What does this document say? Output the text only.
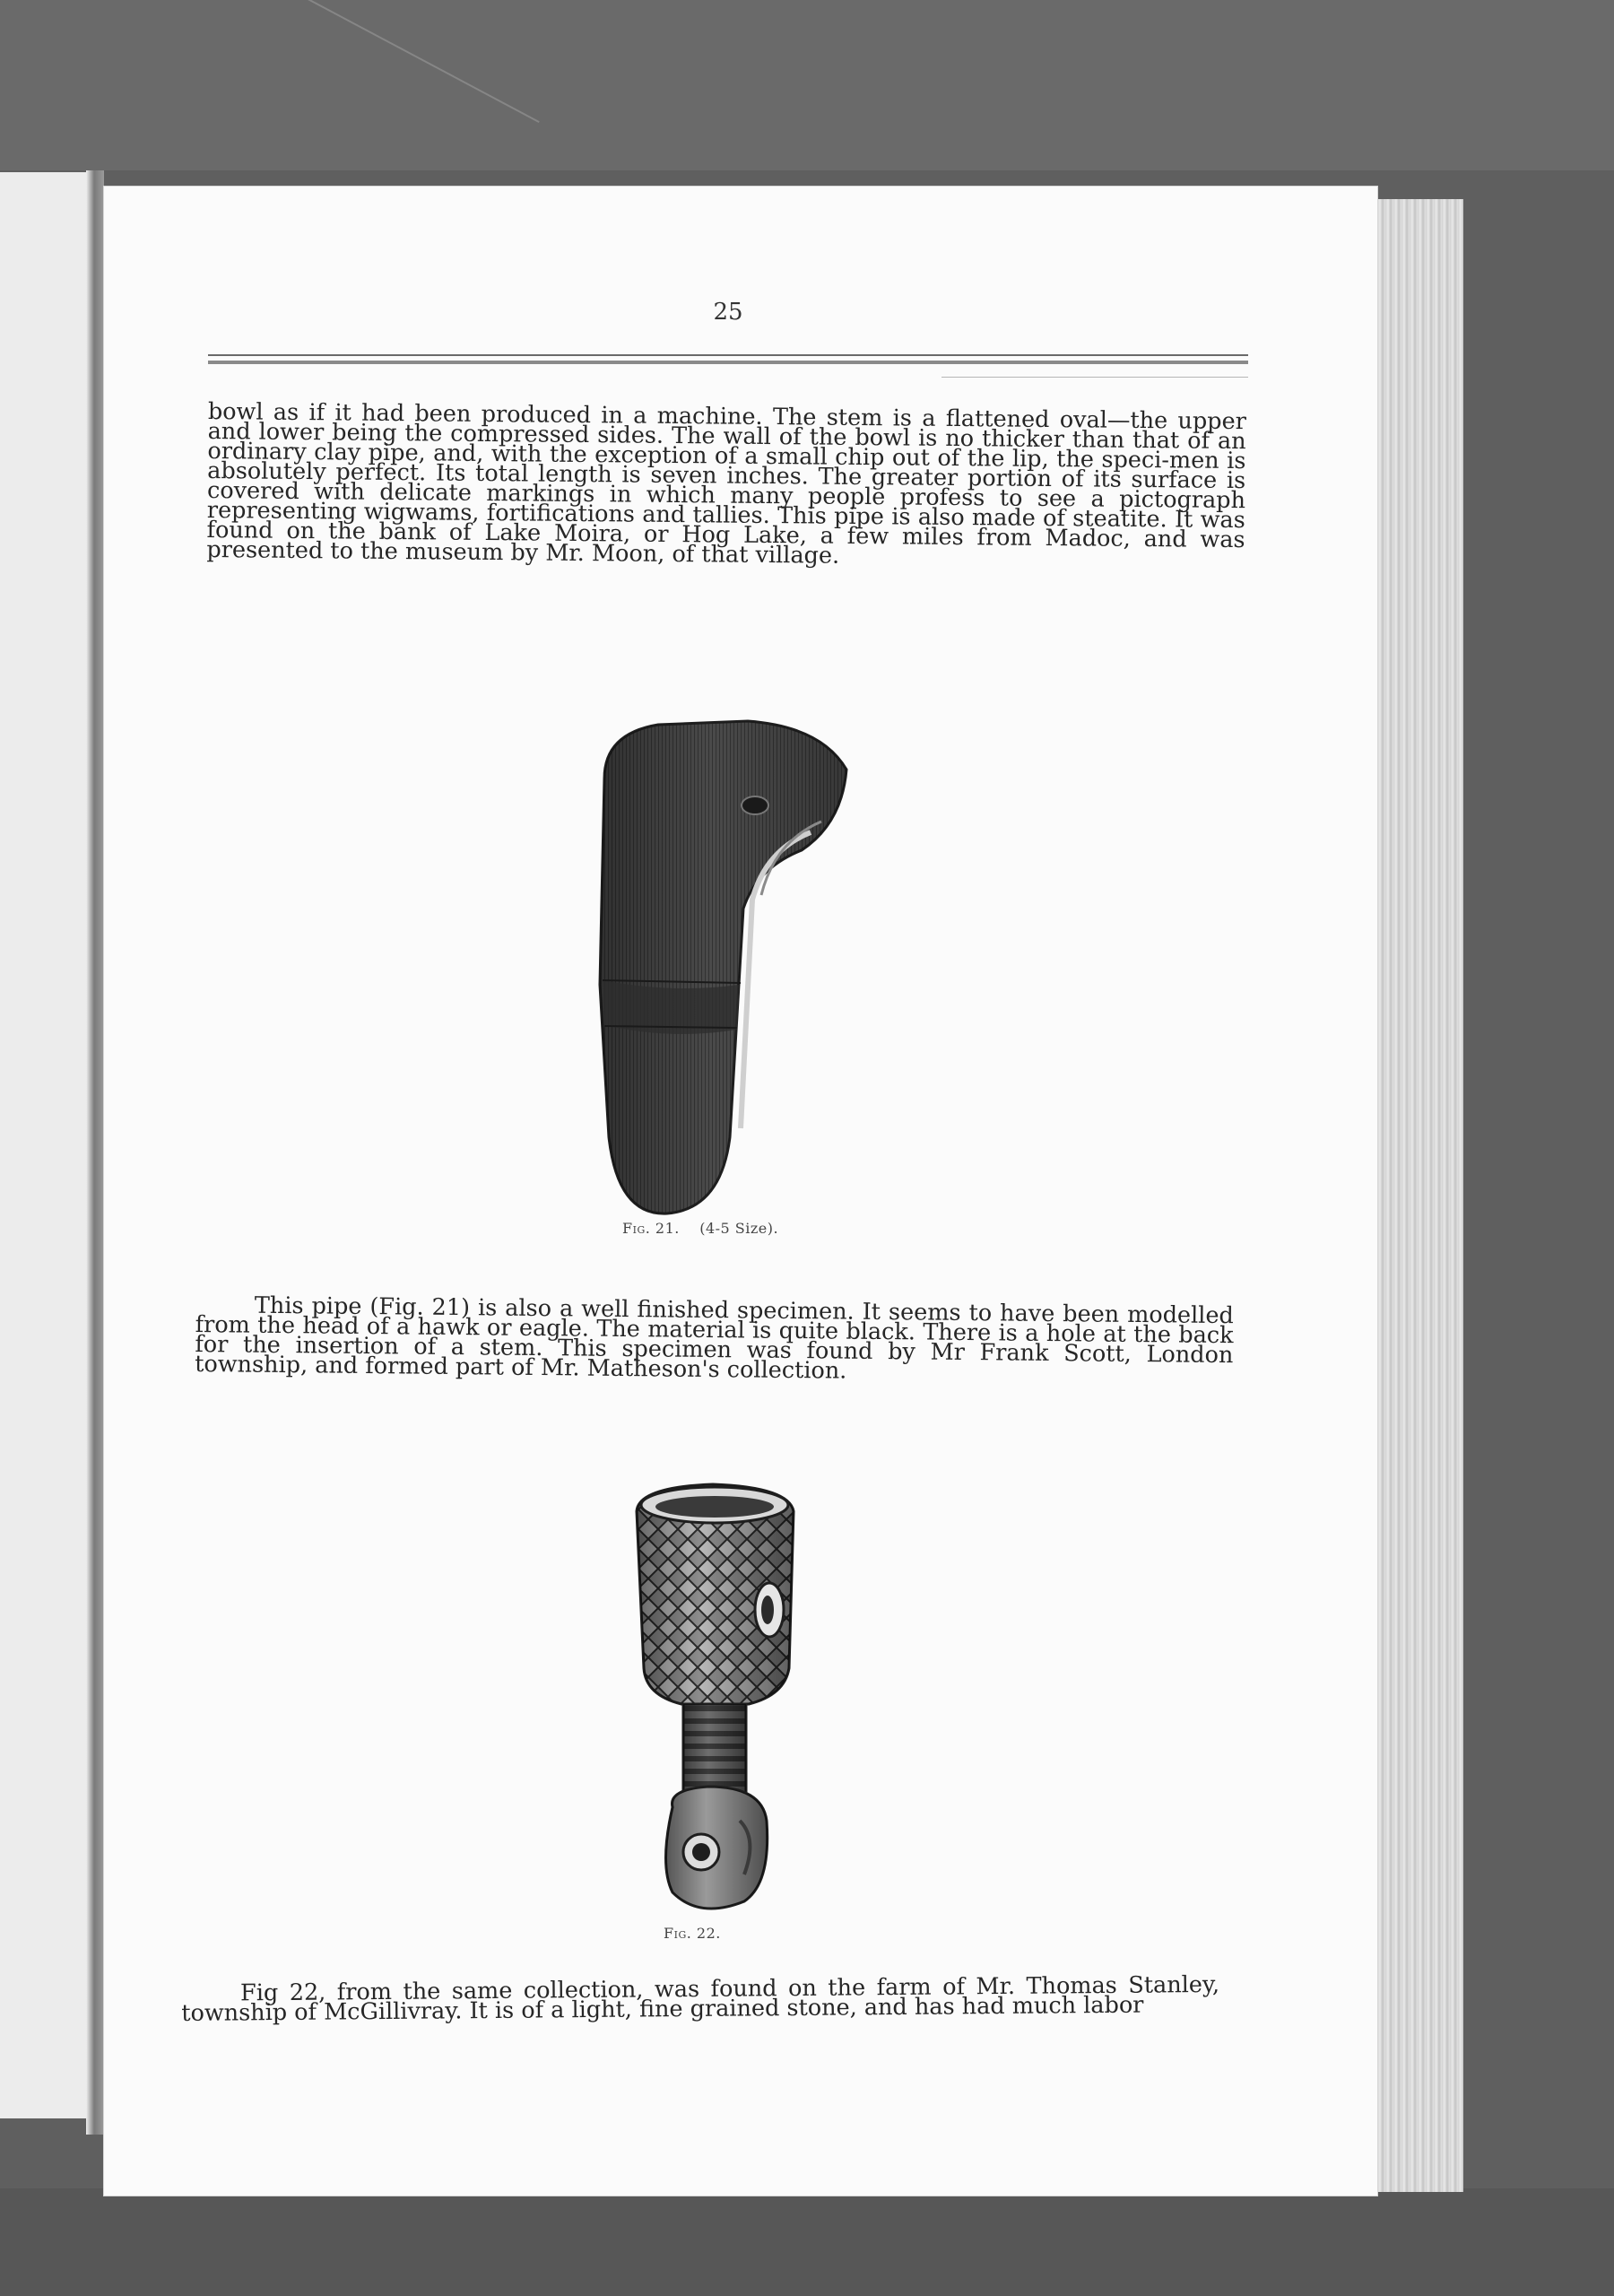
25

bowl as if it had been produced in a machine. The stem is a flattened oval—the upper and lower being the compressed sides. The wall of the bowl is no thicker than that of an ordinary clay pipe, and, with the exception of a small chip out of the lip, the speci-men is absolutely perfect. Its total length is seven inches. The greater portion of its surface is covered with delicate markings in which many people profess to see a pictograph representing wigwams, fortifications and tallies. This pipe is also made of steatite. It was found on the bank of Lake Moira, or Hog Lake, a few miles from Madoc, and was presented to the museum by Mr. Moon, of that village.

Fig. 21. (4-5 Size).

This pipe (Fig. 21) is also a well finished specimen. It seems to have been modelled from the head of a hawk or eagle. The material is quite black. There is a hole at the back for the insertion of a stem. This specimen was found by Mr Frank Scott, London township, and formed part of Mr. Matheson's collection.

Fig. 22.

Fig 22, from the same collection, was found on the farm of Mr. Thomas Stanley, township of McGillivray. It is of a light, fine grained stone, and has had much labor
